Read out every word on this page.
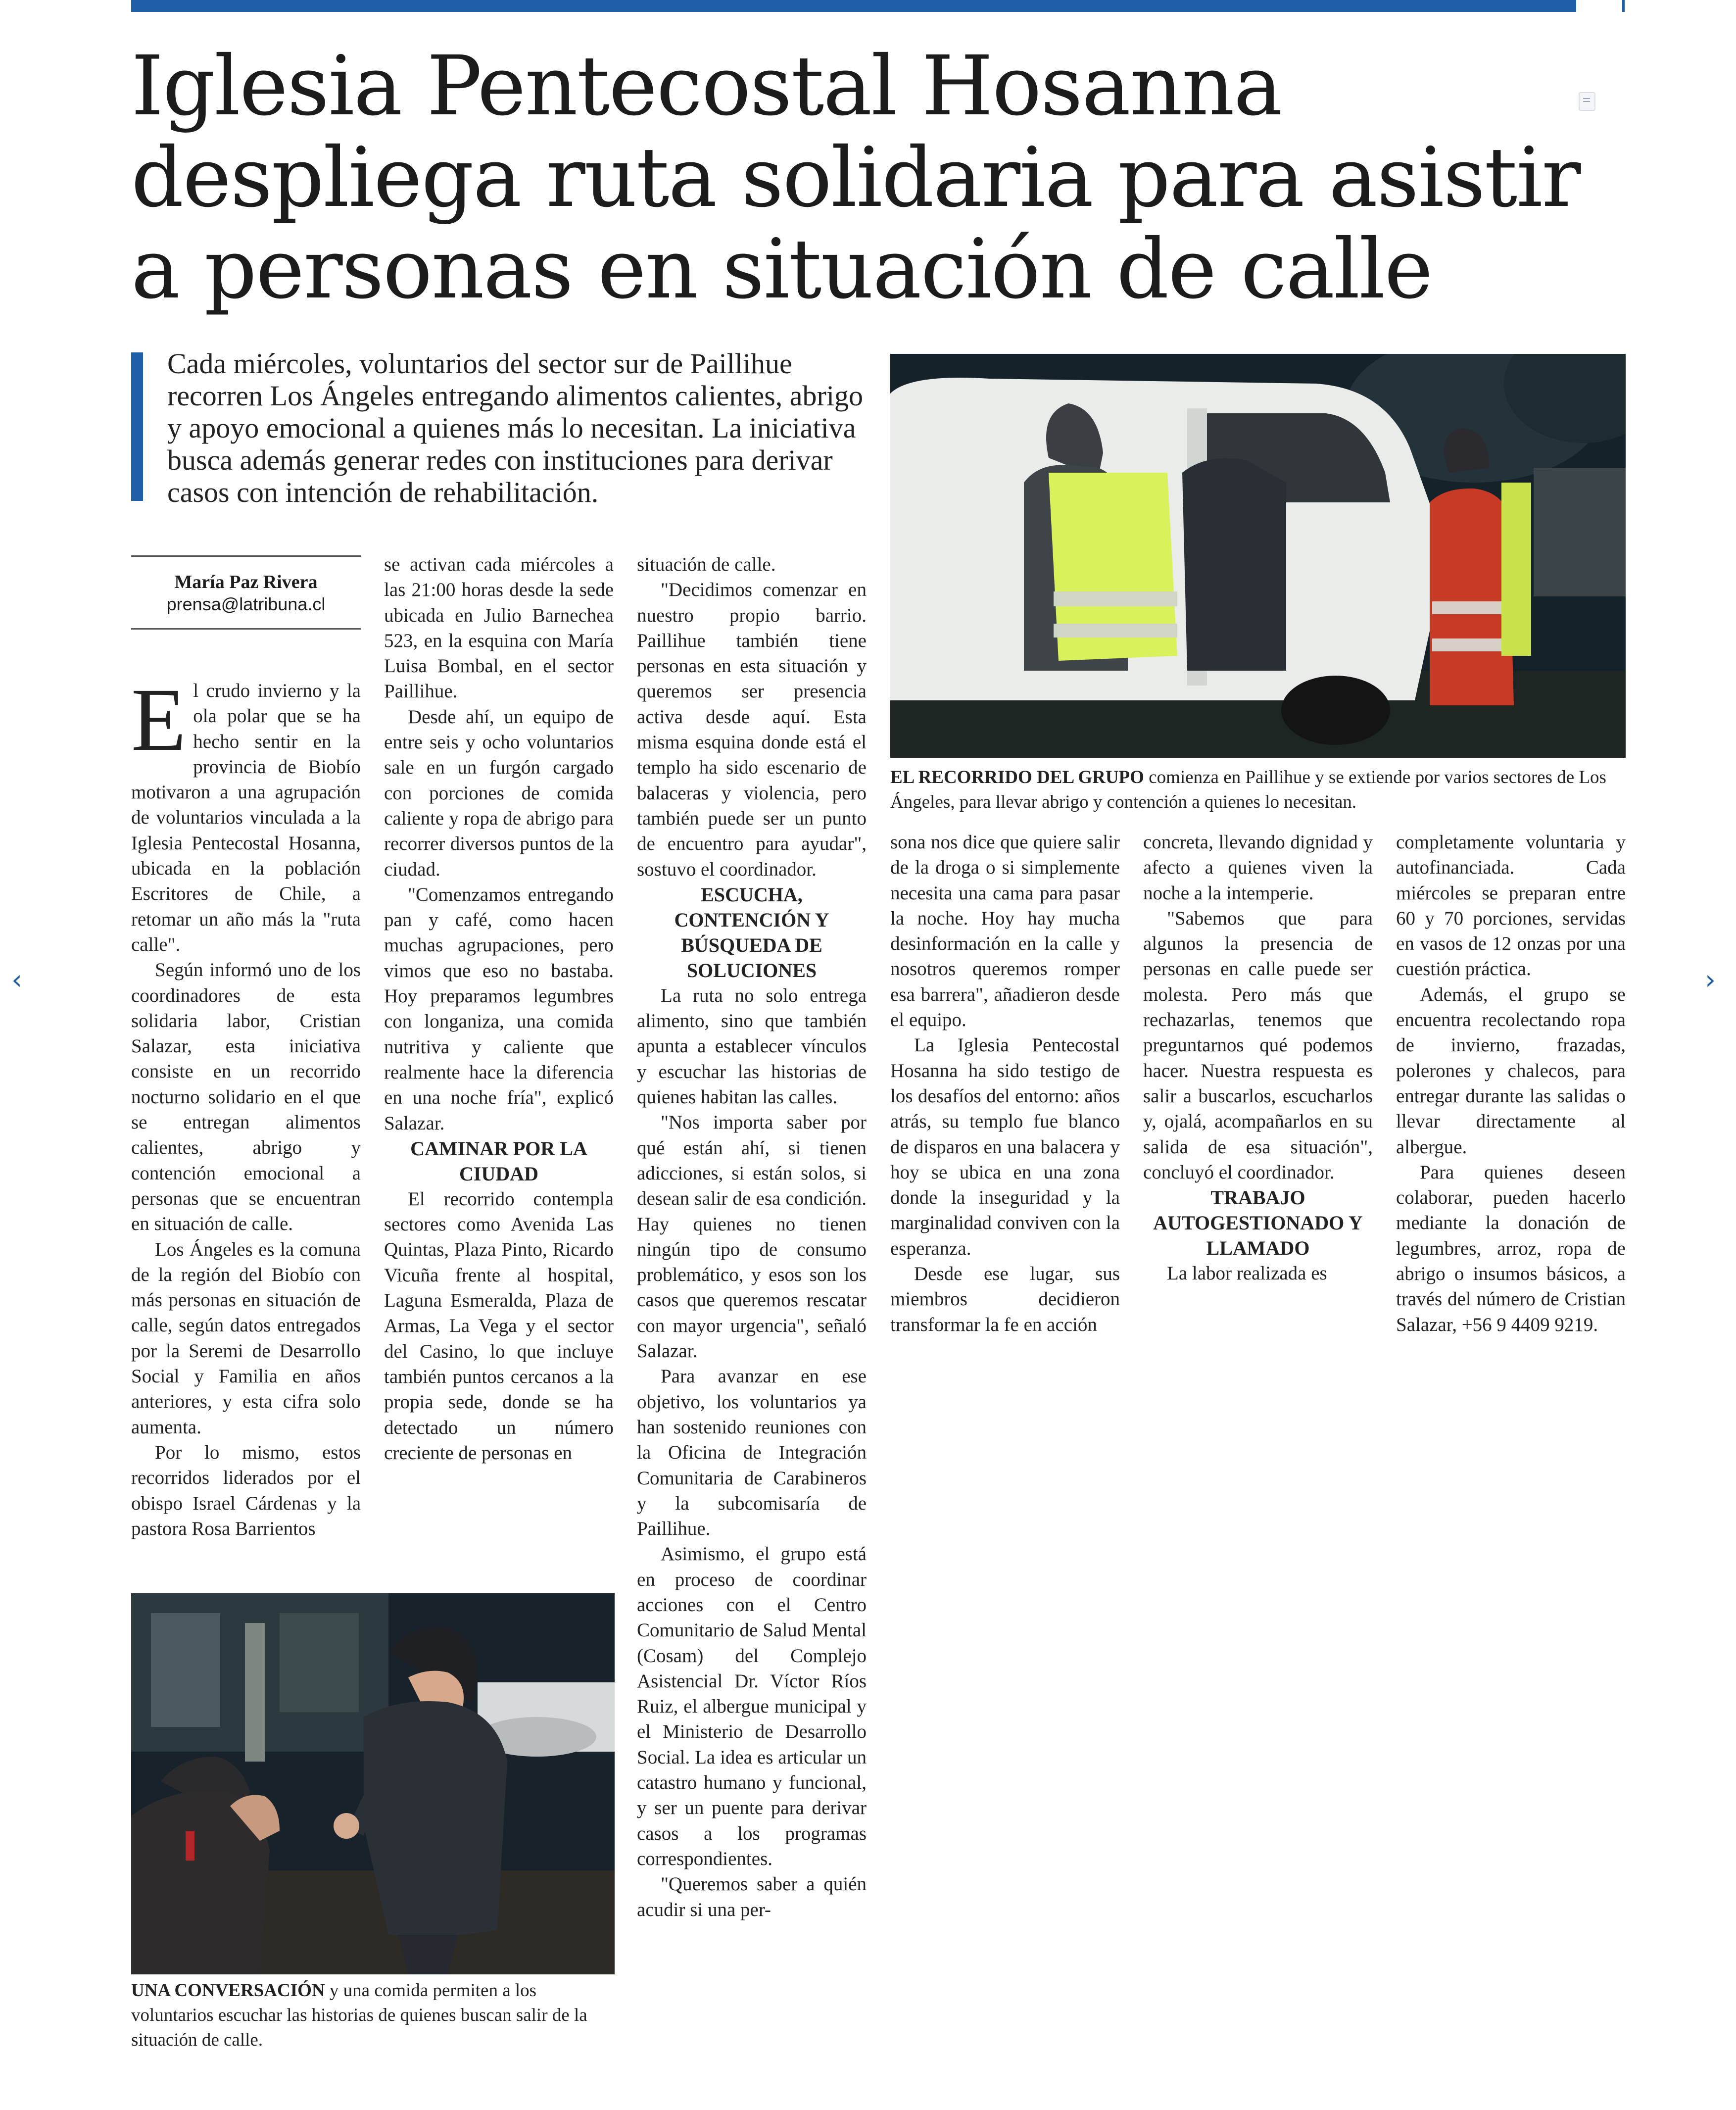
Iglesia Pentecostal Hosanna despliega ruta solidaria para asistir a personas en situación de calle
Cada miércoles, voluntarios del sector sur de Paillihue recorren Los Ángeles entregando alimentos calientes, abrigo y apoyo emocional a quienes más lo necesitan. La iniciativa busca además generar redes con instituciones para derivar casos con intención de rehabilitación.
María Paz Rivera
prensa@latribuna.cl
E l crudo invierno y la ola polar que se ha hecho sentir en la provincia de Biobío motivaron a una agrupación de voluntarios vinculada a la Iglesia Pentecostal Hosanna, ubicada en la población Escritores de Chile, a retomar un año más la "ruta calle".

Según informó uno de los coordinadores de esta solidaria labor, Cristian Salazar, esta iniciativa consiste en un recorrido nocturno solidario en el que se entregan alimentos calientes, abrigo y contención emocional a personas que se encuentran en situación de calle.

Los Ángeles es la comuna de la región del Biobío con más personas en situación de calle, según datos entregados por la Seremi de Desarrollo Social y Familia en años anteriores, y esta cifra solo aumenta.

Por lo mismo, estos recorridos liderados por el obispo Israel Cárdenas y la pastora Rosa Barrientos

se activan cada miércoles a las 21:00 horas desde la sede ubicada en Julio Barnechea 523, en la esquina con María Luisa Bombal, en el sector Paillihue.

Desde ahí, un equipo de entre seis y ocho voluntarios sale en un furgón cargado con porciones de comida caliente y ropa de abrigo para recorrer diversos puntos de la ciudad.

"Comenzamos entregando pan y café, como hacen muchas agrupaciones, pero vimos que eso no bastaba. Hoy preparamos legumbres con longaniza, una comida nutritiva y caliente que realmente hace la diferencia en una noche fría", explicó Salazar.

CAMINAR POR LA CIUDAD

El recorrido contempla sectores como Avenida Las Quintas, Plaza Pinto, Ricardo Vicuña frente al hospital, Laguna Esmeralda, Plaza de Armas, La Vega y el sector del Casino, lo que incluye también puntos cercanos a la propia sede, donde se ha detectado un número creciente de personas en

situación de calle.

"Decidimos comenzar en nuestro propio barrio. Paillihue también tiene personas en esta situación y queremos ser presencia activa desde aquí. Esta misma esquina donde está el templo ha sido escenario de balaceras y violencia, pero también puede ser un punto de encuentro para ayudar", sostuvo el coordinador.

ESCUCHA, CONTENCIÓN Y BÚSQUEDA DE SOLUCIONES

La ruta no solo entrega alimento, sino que también apunta a establecer vínculos y escuchar las historias de quienes habitan las calles.

"Nos importa saber por qué están ahí, si tienen adicciones, si están solos, si desean salir de esa condición. Hay quienes no tienen ningún tipo de consumo problemático, y esos son los casos que queremos rescatar con mayor urgencia", señaló Salazar.

Para avanzar en ese objetivo, los voluntarios ya han sostenido reuniones con la Oficina de Integración Comunitaria de Carabineros y la subcomisaría de Paillihue.

Asimismo, el grupo está en proceso de coordinar acciones con el Centro Comunitario de Salud Mental (Cosam) del Complejo Asistencial Dr. Víctor Ríos Ruiz, el albergue municipal y el Ministerio de Desarrollo Social. La idea es articular un catastro humano y funcional, y ser un puente para derivar casos a los programas correspondientes.

"Queremos saber a quién acudir si una per-

sona nos dice que quiere salir de la droga o si simplemente necesita una cama para pasar la noche. Hoy hay mucha desinformación en la calle y nosotros queremos romper esa barrera", añadieron desde el equipo.

La Iglesia Pentecostal Hosanna ha sido testigo de los desafíos del entorno: años atrás, su templo fue blanco de disparos en una balacera y hoy se ubica en una zona donde la inseguridad y la marginalidad conviven con la esperanza.

Desde ese lugar, sus miembros decidieron transformar la fe en acción

concreta, llevando dignidad y afecto a quienes viven la noche a la intemperie.

"Sabemos que para algunos la presencia de personas en calle puede ser molesta. Pero más que rechazarlas, tenemos que preguntarnos qué podemos hacer. Nuestra respuesta es salir a buscarlos, escucharlos y, ojalá, acompañarlos en su salida de esa situación", concluyó el coordinador.

TRABAJO AUTOGESTIONADO Y LLAMADO

La labor realizada es

completamente voluntaria y autofinanciada. Cada miércoles se preparan entre 60 y 70 porciones, servidas en vasos de 12 onzas por una cuestión práctica.

Además, el grupo se encuentra recolectando ropa de invierno, frazadas, polerones y chalecos, para entregar durante las salidas o llevar directamente al albergue.

Para quienes deseen colaborar, pueden hacerlo mediante la donación de legumbres, arroz, ropa de abrigo o insumos básicos, a través del número de Cristian Salazar, +56 9 4409 9219.

EL RECORRIDO DEL GRUPO comienza en Paillihue y se extiende por varios sectores de Los Ángeles, para llevar abrigo y contención a quienes lo necesitan.
UNA CONVERSACIÓN y una comida permiten a los voluntarios escuchar las historias de quienes buscan salir de la situación de calle.
‹	›
